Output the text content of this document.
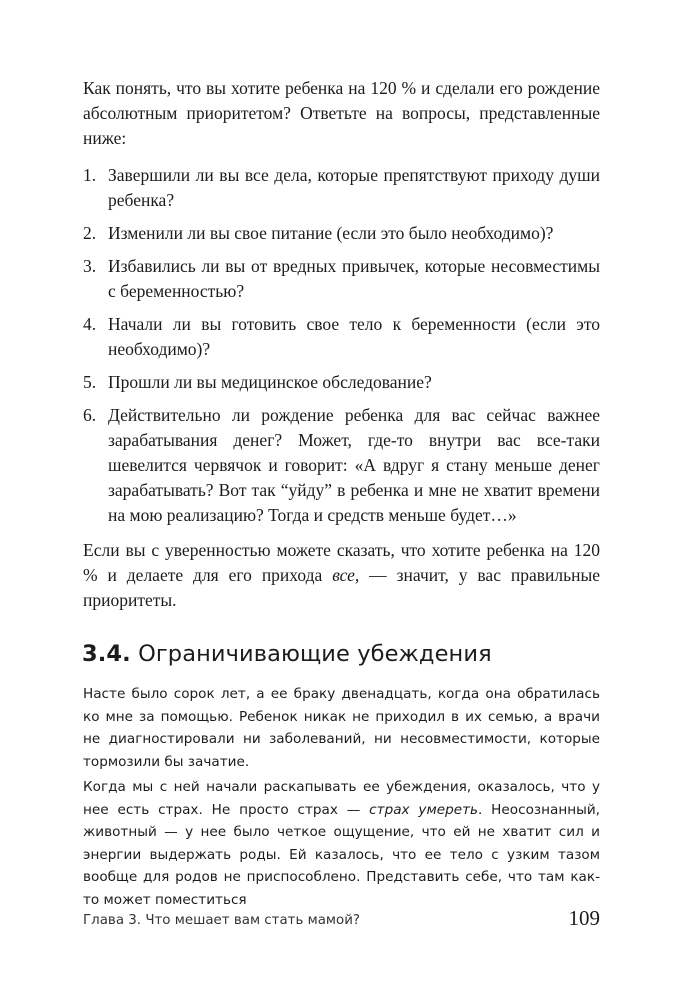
Как понять, что вы хотите ребенка на 120 % и сделали его рождение абсолютным приоритетом? Ответьте на вопросы, представленные ниже:

1. Завершили ли вы все дела, которые препятствуют приходу души ребенка?
2. Изменили ли вы свое питание (если это было необходимо)?
3. Избавились ли вы от вредных привычек, которые несовместимы с беременностью?
4. Начали ли вы готовить свое тело к беременности (если это необходимо)?
5. Прошли ли вы медицинское обследование?
6. Действительно ли рождение ребенка для вас сейчас важнее зарабатывания денег? Может, где-то внутри вас все-таки шевелится червячок и говорит: «А вдруг я стану меньше денег зарабатывать? Вот так “уйду” в ребенка и мне не хватит времени на мою реализацию? Тогда и средств меньше будет…»

Если вы с уверенностью можете сказать, что хотите ребенка на 120 % и делаете для его прихода все, — значит, у вас правильные приоритеты.

3.4. Ограничивающие убеждения

Насте было сорок лет, а ее браку двенадцать, когда она обратилась ко мне за помощью. Ребенок никак не приходил в их семью, а врачи не диагностировали ни заболеваний, ни несовместимости, которые тормозили бы зачатие.

Когда мы с ней начали раскапывать ее убеждения, оказалось, что у нее есть страх. Не просто страх — страх умереть. Неосознанный, животный — у нее было четкое ощущение, что ей не хватит сил и энергии выдержать роды. Ей казалось, что ее тело с узким тазом вообще для родов не приспособлено. Представить себе, что там как-то может поместиться

Глава 3. Что мешает вам стать мамой?	109
